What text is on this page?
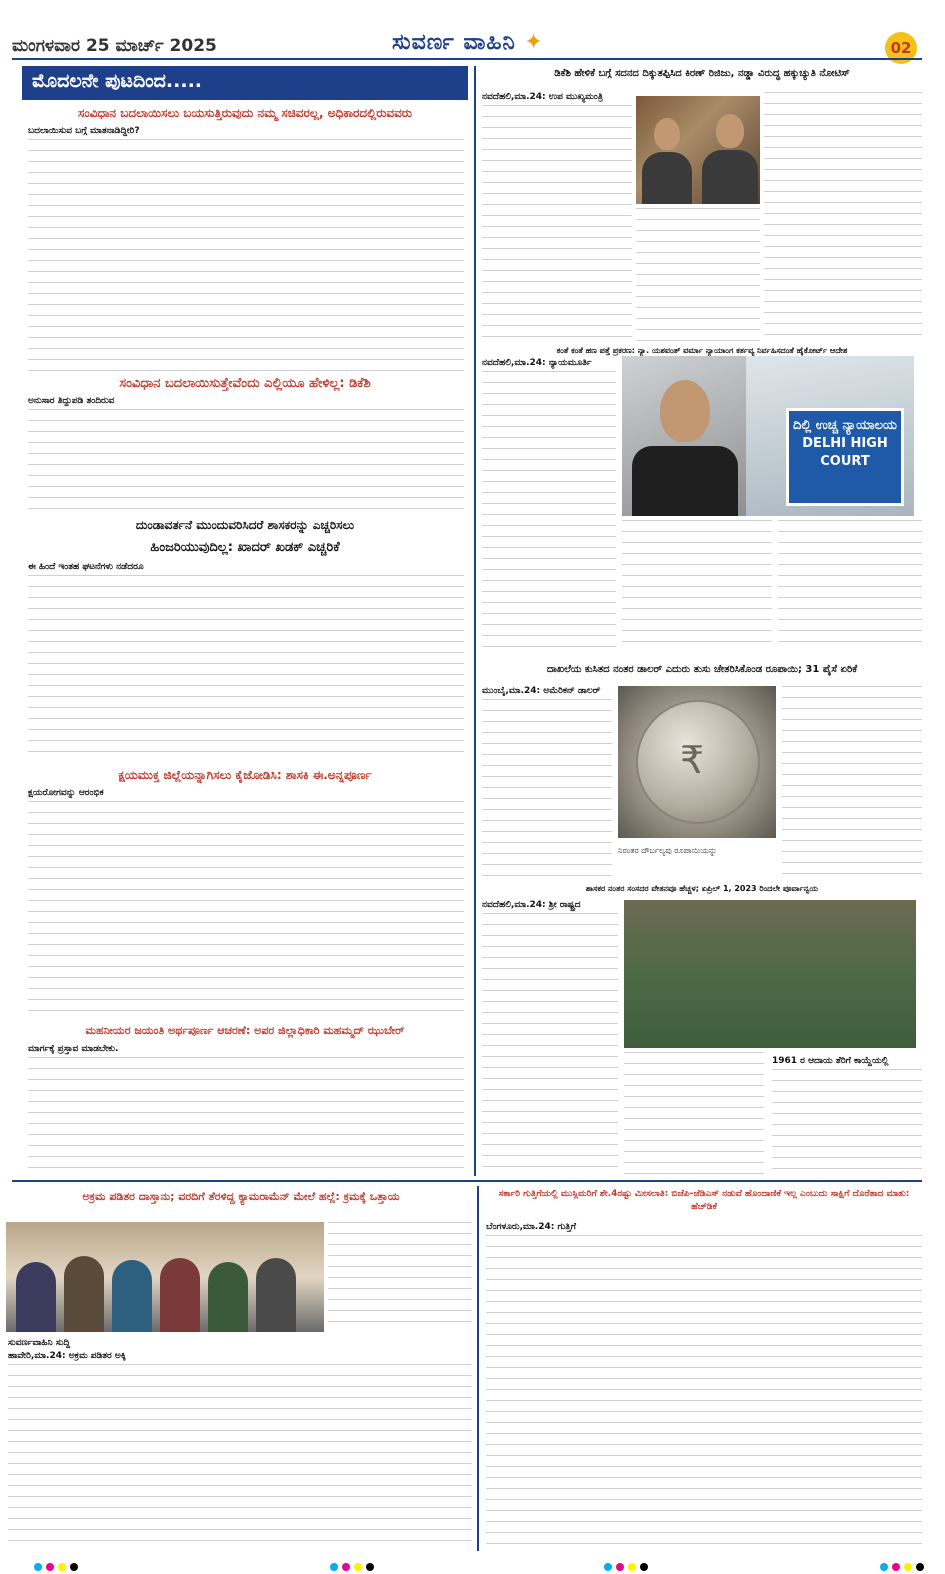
ಮಂಗಳವಾರ 25 ಮಾರ್ಚ್ 2025	ಸುವರ್ಣ ವಾಹಿನಿ ✦	02
ಮೊದಲನೇ ಪುಟದಿಂದ.....
ಸಂವಿಧಾನ ಬದಲಾಯಿಸಲು ಬಯಸುತ್ತಿರುವುದು ನಮ್ಮ ಸಚಿವರಲ್ಲ, ಅಧಿಕಾರದಲ್ಲಿರುವವರು
ಬದಲಾಯಿಸುವ ಬಗ್ಗೆ ಮಾತನಾಡಿದ್ದೀರಿ?
ಸಂವಿಧಾನ ಬದಲಾಯಿಸುತ್ತೇವೆಂದು ಎಲ್ಲಿಯೂ ಹೇಳಿಲ್ಲ: ಡಿಕೆಶಿ
ಅನುಸಾರ ತಿದ್ದುಪಡಿ ತಂದಿರುವ
ದುಂಡಾವರ್ತನೆ ಮುಂದುವರಿಸಿದರೆ ಶಾಸಕರನ್ನು ಎಚ್ಚರಿಸಲು
ಹಿಂಜರಿಯುವುದಿಲ್ಲ: ಖಾದರ್ ಖಡಕ್ ಎಚ್ಚರಿಕೆ
ಈ ಹಿಂದೆ ಇಂತಹ ಘಟನೆಗಳು ನಡೆದರೂ
ಕ್ಷಯಮುಕ್ತ ಜಿಲ್ಲೆಯನ್ನಾಗಿಸಲು ಕೈಜೋಡಿಸಿ: ಶಾಸಕಿ ಈ.ಅನ್ನಪೂರ್ಣ
ಕ್ಷಯರೋಗವನ್ನು ಆರಂಭಿಕ
ಮಹನೀಯರ ಜಯಂತಿ ಅರ್ಥಪೂರ್ಣ ಆಚರಣೆ: ಅಪರ ಜಿಲ್ಲಾಧಿಕಾರಿ ಮಹಮ್ಮದ್ ಝುಬೇರ್
ಮಾರ್ಗಕ್ಕೆ ಪ್ರಸ್ತಾವ ಮಾಡಬೇಕು.
ಡಿಕೆಶಿ ಹೇಳಿಕೆ ಬಗ್ಗೆ ಸದನದ ದಿಕ್ಕುತಪ್ಪಿಸಿದ ಕಿರಣ್ ರಿಜಿಜು, ನಡ್ಡಾ ವಿರುದ್ಧ ಹಕ್ಕುಚ್ಯುತಿ ನೋಟಿಸ್
ನವದೆಹಲಿ,ಮಾ.24: ಉಪ ಮುಖ್ಯಮಂತ್ರಿ
ಕಂತೆ ಕಂತೆ ಹಣ ಪತ್ತೆ ಪ್ರಕರಣ: ನ್ಯಾ. ಯಶವಂತ್ ವರ್ಮಾ ನ್ಯಾಯಾಂಗ ಕರ್ತವ್ಯ ನಿರ್ವಹಿಸದಂತೆ ಹೈಕೋರ್ಟ್ ಆದೇಶ
ನವದೆಹಲಿ,ಮಾ.24: ನ್ಯಾಯಮೂರ್ತಿ
ದಿಲ್ಲಿ ಉಚ್ಚ ನ್ಯಾಯಾಲಯ DELHI HIGH COURT
ದಾಖಲೆಯ ಕುಸಿತದ ನಂತರ ಡಾಲರ್ ಎದುರು ತುಸು ಚೇತರಿಸಿಕೊಂಡ ರೂಪಾಯಿ; 31 ಪೈಸೆ ಏರಿಕೆ
ಮುಂಬೈ,ಮಾ.24: ಅಮೆರಿಕನ್ ಡಾಲರ್
₹
ನಿರಂತರ ದೌರ್ಬಲ್ಯವು ರೂಪಾಯಿಯನ್ನು
ಶಾಸಕರ ನಂತರ ಸಂಸದರ ವೇತನವೂ ಹೆಚ್ಚಳ; ಏಪ್ರಿಲ್ 1, 2023 ರಿಂದಲೇ ಪೂರ್ವಾನ್ವಯ
ನವದೆಹಲಿ,ಮಾ.24: ಶ್ರೀ ರಾಷ್ಟ್ರದ
1961 ರ ಆದಾಯ ತೆರಿಗೆ ಕಾಯ್ದೆಯಲ್ಲಿ
ಅಕ್ರಮ ಪಡಿತರ ದಾಸ್ತಾನು; ವರದಿಗೆ ತೆರಳಿದ್ದ ಕ್ಯಾಮರಾಮೆನ್ ಮೇಲೆ ಹಲ್ಲೆ: ಕ್ರಮಕ್ಕೆ ಒತ್ತಾಯ
ಸುವರ್ಣವಾಹಿನಿ ಸುದ್ದಿ
ಹಾವೇರಿ,ಮಾ.24: ಅಕ್ರಮ ಪಡಿತರ ಅಕ್ಕಿ
ಸರ್ಕಾರಿ ಗುತ್ತಿಗೆಯಲ್ಲಿ ಮುಸ್ಲಿಮರಿಗೆ ಶೇ.4ರಷ್ಟು ಮೀಸಲಾತಿ: ಬಿಜೆಪಿ-ಜೆಡಿಎಸ್ ನಡುವೆ ಹೊಂದಾಣಿಕೆ ಇಲ್ಲ ಎಂಬುದು ಸಾಕ್ಷಿಗೆ ದೊರೆತಾದ ಮಾತು: ಹೆಚ್‌ಡಿಕೆ
ಬೆಂಗಳೂರು,ಮಾ.24: ಗುತ್ತಿಗೆ
